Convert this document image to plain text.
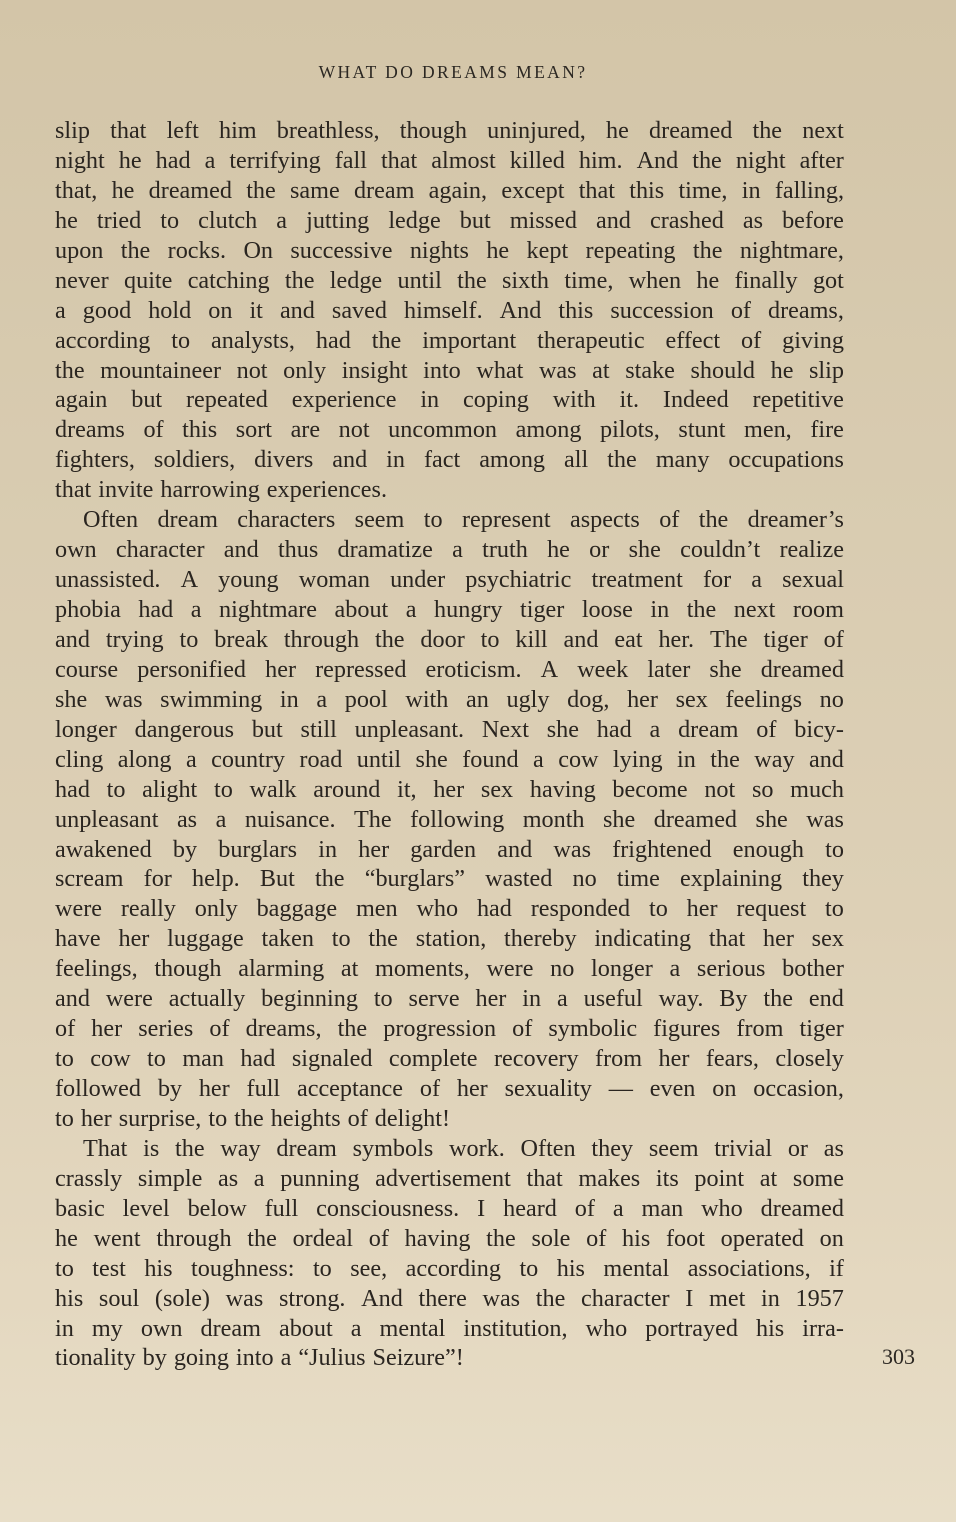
WHAT DO DREAMS MEAN?
slip that left him breathless, though uninjured, he dreamed the next
night he had a terrifying fall that almost killed him. And the night after
that, he dreamed the same dream again, except that this time, in falling,
he tried to clutch a jutting ledge but missed and crashed as before
upon the rocks. On successive nights he kept repeating the nightmare,
never quite catching the ledge until the sixth time, when he finally got
a good hold on it and saved himself. And this succession of dreams,
according to analysts, had the important therapeutic effect of giving
the mountaineer not only insight into what was at stake should he slip
again but repeated experience in coping with it. Indeed repetitive
dreams of this sort are not uncommon among pilots, stunt men, fire
fighters, soldiers, divers and in fact among all the many occupations
that invite harrowing experiences.
Often dream characters seem to represent aspects of the dreamer’s
own character and thus dramatize a truth he or she couldn’t realize
unassisted. A young woman under psychiatric treatment for a sexual
phobia had a nightmare about a hungry tiger loose in the next room
and trying to break through the door to kill and eat her. The tiger of
course personified her repressed eroticism. A week later she dreamed
she was swimming in a pool with an ugly dog, her sex feelings no
longer dangerous but still unpleasant. Next she had a dream of bicy-
cling along a country road until she found a cow lying in the way and
had to alight to walk around it, her sex having become not so much
unpleasant as a nuisance. The following month she dreamed she was
awakened by burglars in her garden and was frightened enough to
scream for help. But the “burglars” wasted no time explaining they
were really only baggage men who had responded to her request to
have her luggage taken to the station, thereby indicating that her sex
feelings, though alarming at moments, were no longer a serious bother
and were actually beginning to serve her in a useful way. By the end
of her series of dreams, the progression of symbolic figures from tiger
to cow to man had signaled complete recovery from her fears, closely
followed by her full acceptance of her sexuality — even on occasion,
to her surprise, to the heights of delight!
That is the way dream symbols work. Often they seem trivial or as
crassly simple as a punning advertisement that makes its point at some
basic level below full consciousness. I heard of a man who dreamed
he went through the ordeal of having the sole of his foot operated on
to test his toughness: to see, according to his mental associations, if
his soul (sole) was strong. And there was the character I met in 1957
in my own dream about a mental institution, who portrayed his irra-
tionality by going into a “Julius Seizure”!	303
